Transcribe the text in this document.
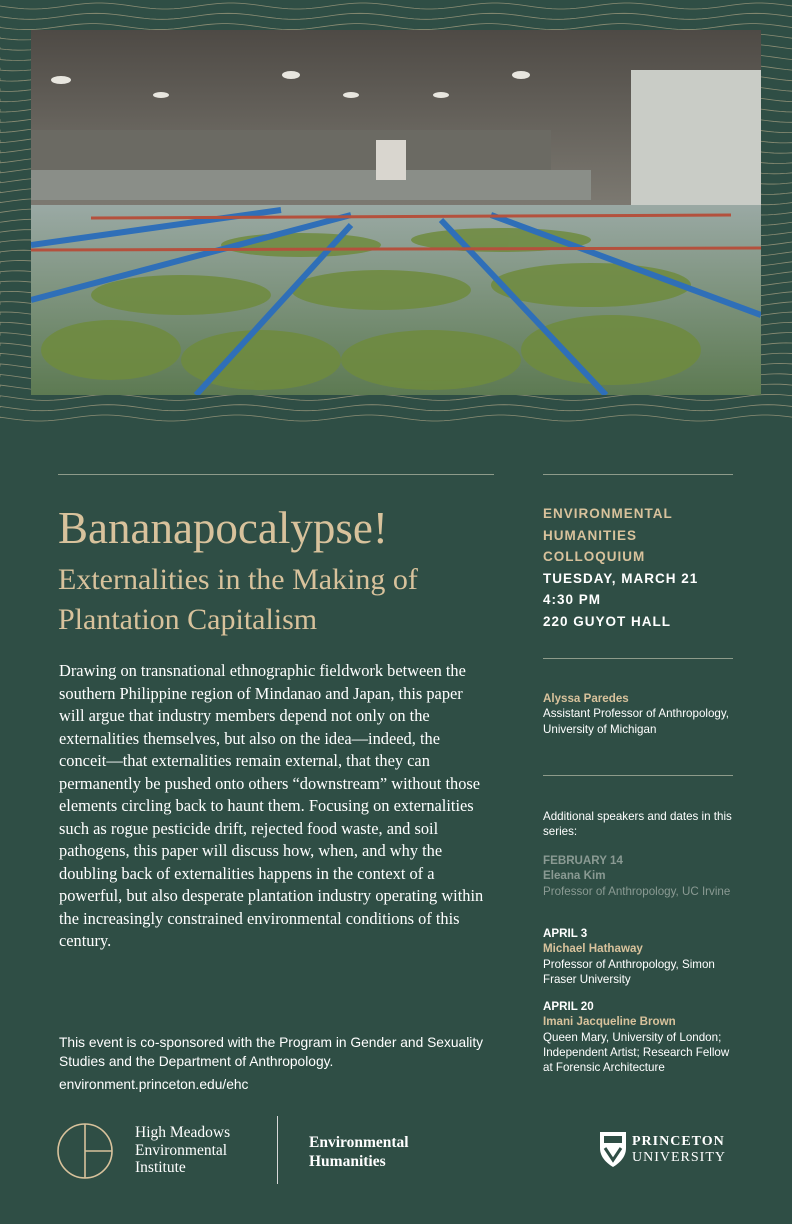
Bananapocalypse!
Externalities in the Making of Plantation Capitalism

Drawing on transnational ethnographic fieldwork between the southern Philippine region of Mindanao and Japan, this paper will argue that industry members depend not only on the externalities themselves, but also on the idea—indeed, the conceit—that externalities remain external, that they can permanently be pushed onto others “downstream” without those elements circling back to haunt them. Focusing on externalities such as rogue pesticide drift, rejected food waste, and soil pathogens, this paper will discuss how, when, and why the doubling back of externalities happens in the context of a powerful, but also desperate plantation industry operating within the increasingly constrained environmental conditions of this century.

This event is co-sponsored with the Program in Gender and Sexuality Studies and the Department of Anthropology.

environment.princeton.edu/ehc

ENVIRONMENTAL
HUMANITIES
COLLOQUIUM
TUESDAY, MARCH 21
4:30 PM
220 GUYOT HALL
Alyssa Paredes
Assistant Professor of Anthropology, University of Michigan
Additional speakers and dates in this series:
FEBRUARY 14
Eleana Kim
Professor of Anthropology, UC Irvine
APRIL 3
Michael Hathaway
Professor of Anthropology, Simon Fraser University
APRIL 20
Imani Jacqueline Brown
Queen Mary, University of London; Independent Artist; Research Fellow at Forensic Architecture
High Meadows
Environmental
Institute
Environmental
Humanities
PRINCETON
UNIVERSITY
